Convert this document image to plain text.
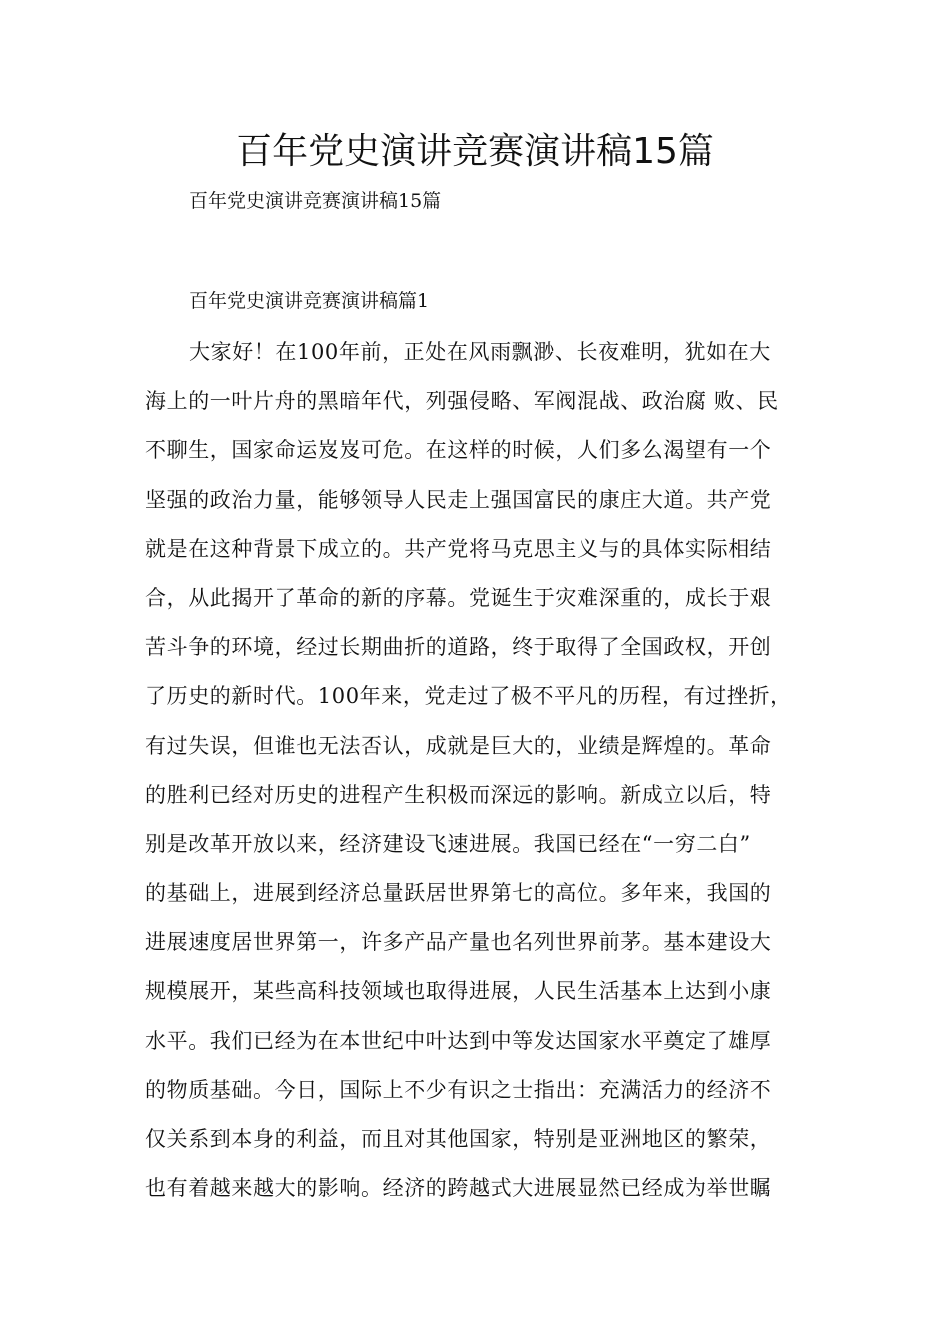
百年党史演讲竞赛演讲稿15篇

百年党史演讲竞赛演讲稿15篇

百年党史演讲竞赛演讲稿篇1

大家好！在100年前，正处在风雨飘渺、长夜难明，犹如在大
海上的一叶片舟的黑暗年代，列强侵略、军阀混战、政治腐 败、民
不聊生，国家命运岌岌可危。在这样的时候，人们多么渴望有一个
坚强的政治力量，能够领导人民走上强国富民的康庄大道。共产党
就是在这种背景下成立的。共产党将马克思主义与的具体实际相结
合，从此揭开了革命的新的序幕。党诞生于灾难深重的，成长于艰
苦斗争的环境，经过长期曲折的道路，终于取得了全国政权，开创
了历史的新时代。100年来，党走过了极不平凡的历程，有过挫折，
有过失误，但谁也无法否认，成就是巨大的，业绩是辉煌的。革命
的胜利已经对历史的进程产生积极而深远的影响。新成立以后，特
别是改革开放以来，经济建设飞速进展。我国已经在“一穷二白”
的基础上，进展到经济总量跃居世界第七的高位。多年来，我国的
进展速度居世界第一，许多产品产量也名列世界前茅。基本建设大
规模展开，某些高科技领域也取得进展，人民生活基本上达到小康
水平。我们已经为在本世纪中叶达到中等发达国家水平奠定了雄厚
的物质基础。今日，国际上不少有识之士指出：充满活力的经济不
仅关系到本身的利益，而且对其他国家，特别是亚洲地区的繁荣，
也有着越来越大的影响。经济的跨越式大进展显然已经成为举世瞩
